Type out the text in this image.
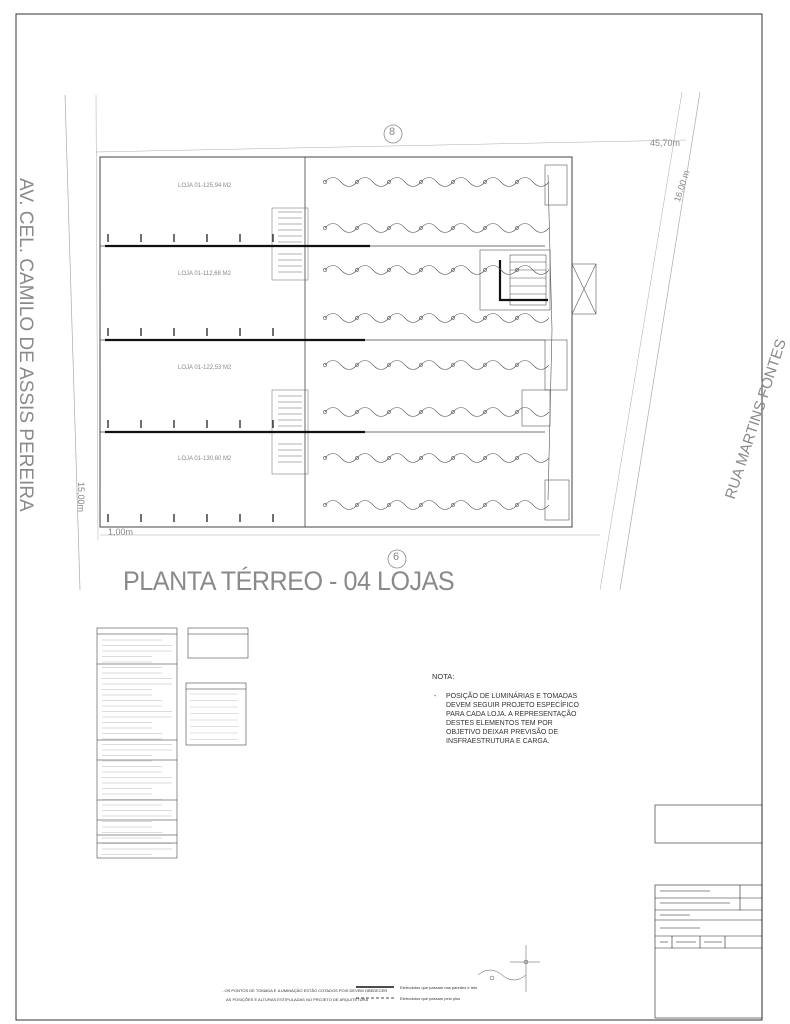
PLANTA TÉRREO - 04 LOJAS
AV. CEL. CAMILO DE ASSIS PEREIRA	RUA MARTINS FONTES
8
6
45,70m
16,00 m
15,00m
1,00m
LOJA 01-125,94 M2
LOJA 01-112,68 M2
LOJA 01-122,53 M2
LOJA 01-130,60 M2
NOTA:
-	POSIÇÃO DE LUMINÁRIAS E TOMADAS DEVEM SEGUIR PROJETO ESPECÍFICO PARA CADA LOJA. A REPRESENTAÇÃO DESTES ELEMENTOS TEM POR OBJETIVO DEIXAR PREVISÃO DE INSFRAESTRUTURA E CARGA.
- OS PONTOS DE TOMADA E ILUMINAÇÃO ESTÃO COTADOS POIS DEVEM OBEDECER
AS POSIÇÕES E ALTURAS ESTIPULADAS NO PROJETO DE ARQUITETURA
Eletrodutos que passam nas paredes e teto
Eletrodutos que passam pelo piso
